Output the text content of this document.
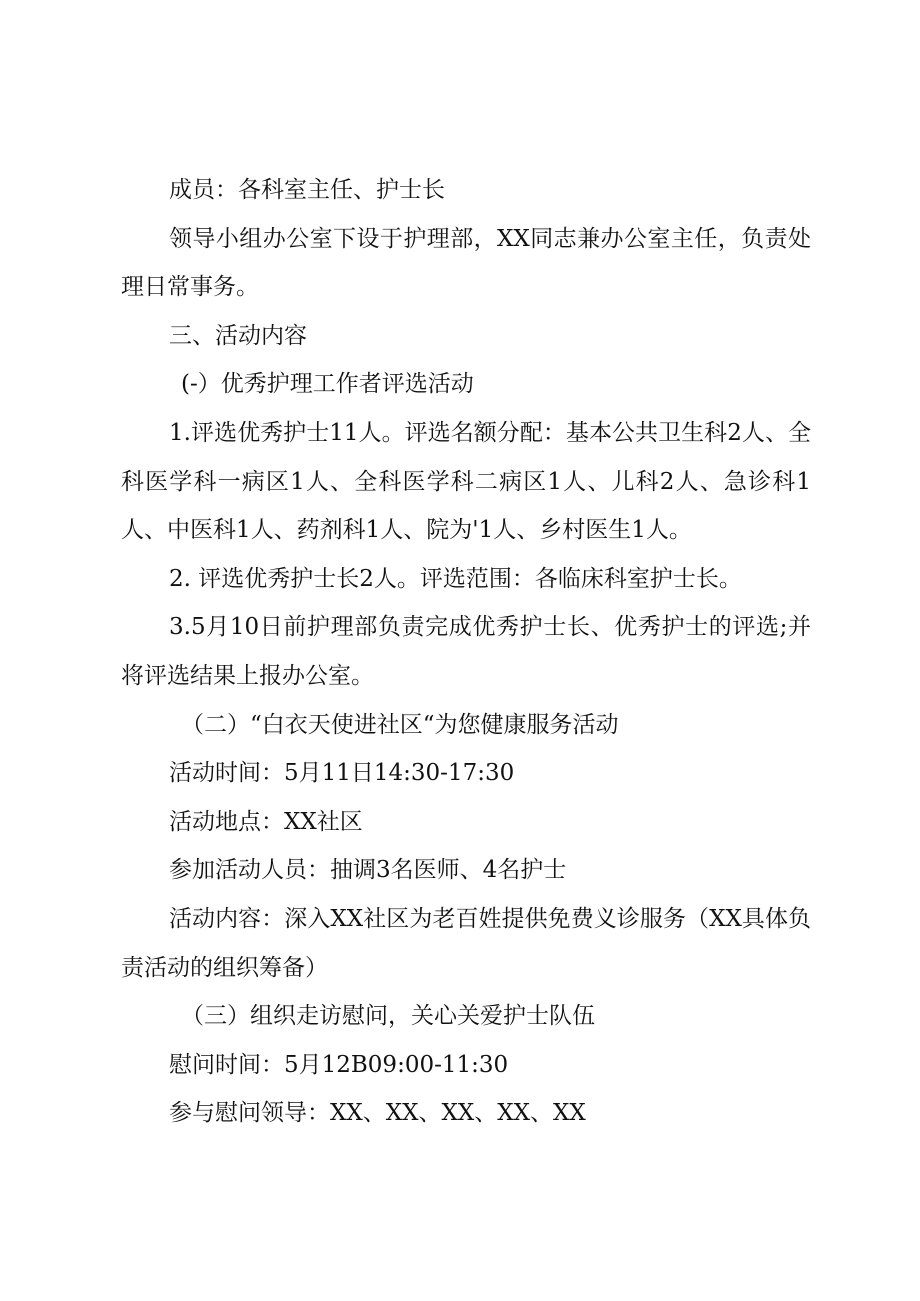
成员：各科室主任、护士长

领导小组办公室下设于护理部，XX同志兼办公室主任，负责处理日常事务。

三、活动内容

(-）优秀护理工作者评选活动

1.评选优秀护士11人。评选名额分配：基本公共卫生科2人、全科医学科一病区1人、全科医学科二病区1人、儿科2人、急诊科1人、中医科1人、药剂科1人、院为'1人、乡村医生1人。

2. 评选优秀护士长2人。评选范围：各临床科室护士长。

3.5月10日前护理部负责完成优秀护士长、优秀护士的评选;并将评选结果上报办公室。

（二）“白衣天使进社区“为您健康服务活动

活动时间：5月11日14:30-17:30

活动地点：XX社区

参加活动人员：抽调3名医师、4名护士

活动内容：深入XX社区为老百姓提供免费义诊服务（XX具体负责活动的组织筹备）

（三）组织走访慰问，关心关爱护士队伍

慰问时间：5月12B09:00-11:30

参与慰问领导：XX、XX、XX、XX、XX
